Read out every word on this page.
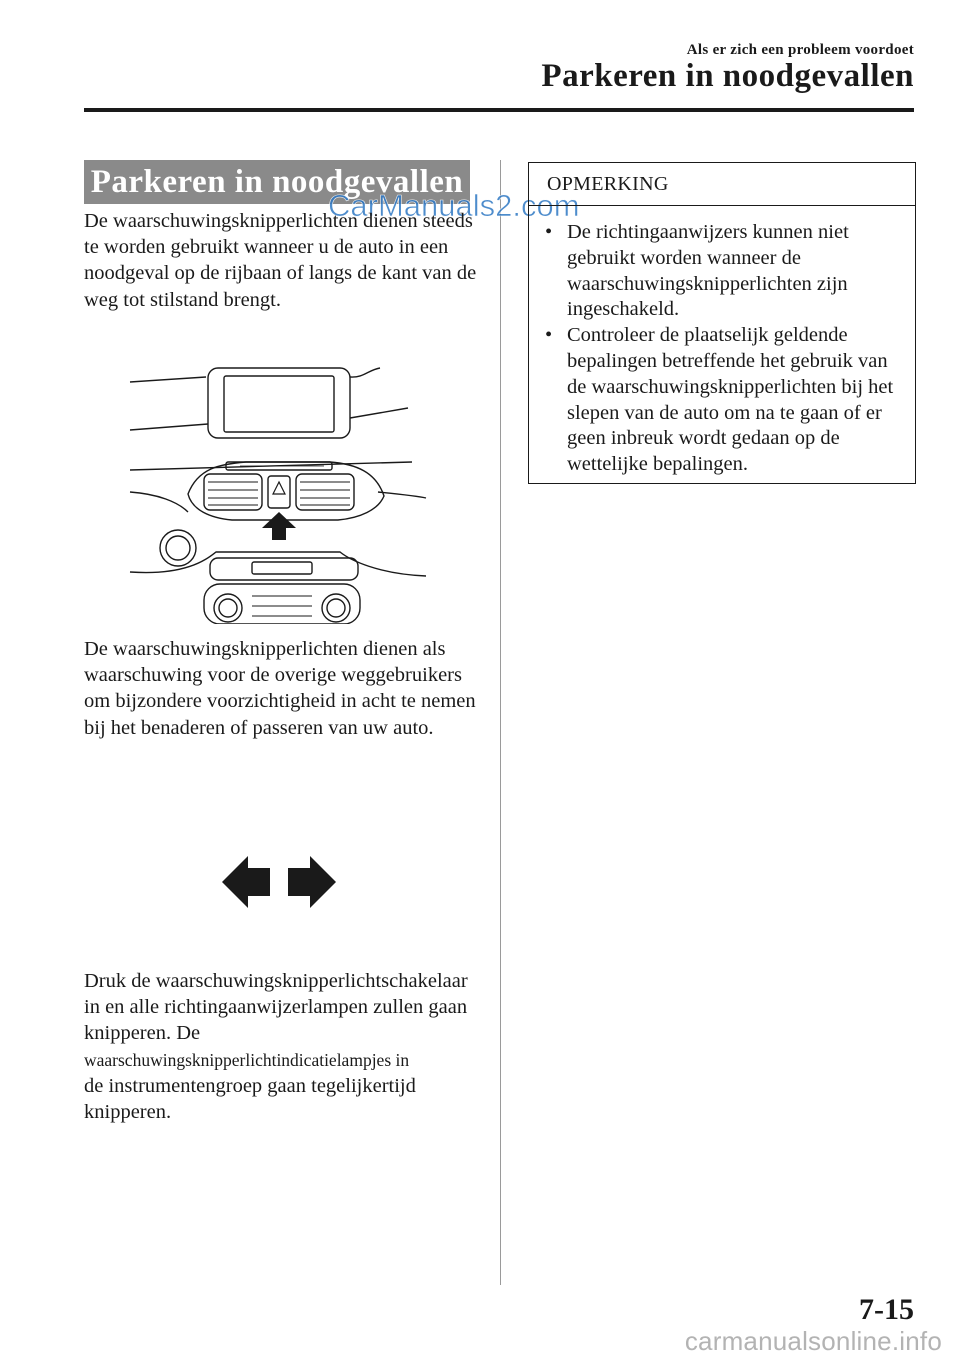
Als er zich een probleem voordoet
Parkeren in noodgevallen
Parkeren in noodgevallen
CarManuals2.com

De waarschuwingsknipperlichten dienen steeds te worden gebruikt wanneer u de auto in een noodgeval op de rijbaan of langs de kant van de weg tot stilstand brengt.

De waarschuwingsknipperlichten dienen als waarschuwing voor de overige weggebruikers om bijzondere voorzichtigheid in acht te nemen bij het benaderen of passeren van uw auto.

Druk de waarschuwingsknipperlichtschakelaar in en alle richtingaanwijzerlampen zullen gaan knipperen. De
waarschuwingsknipperlichtindicatielampjes in
de instrumentengroep gaan tegelijkertijd knipperen.

OPMERKING
• De richtingaanwijzers kunnen niet gebruikt worden wanneer de waarschuwingsknipperlichten zijn ingeschakeld.
• Controleer de plaatselijk geldende bepalingen betreffende het gebruik van de waarschuwingsknipperlichten bij het slepen van de auto om na te gaan of er geen inbreuk wordt gedaan op de wettelijke bepalingen.
7-15
carmanualsonline.info
